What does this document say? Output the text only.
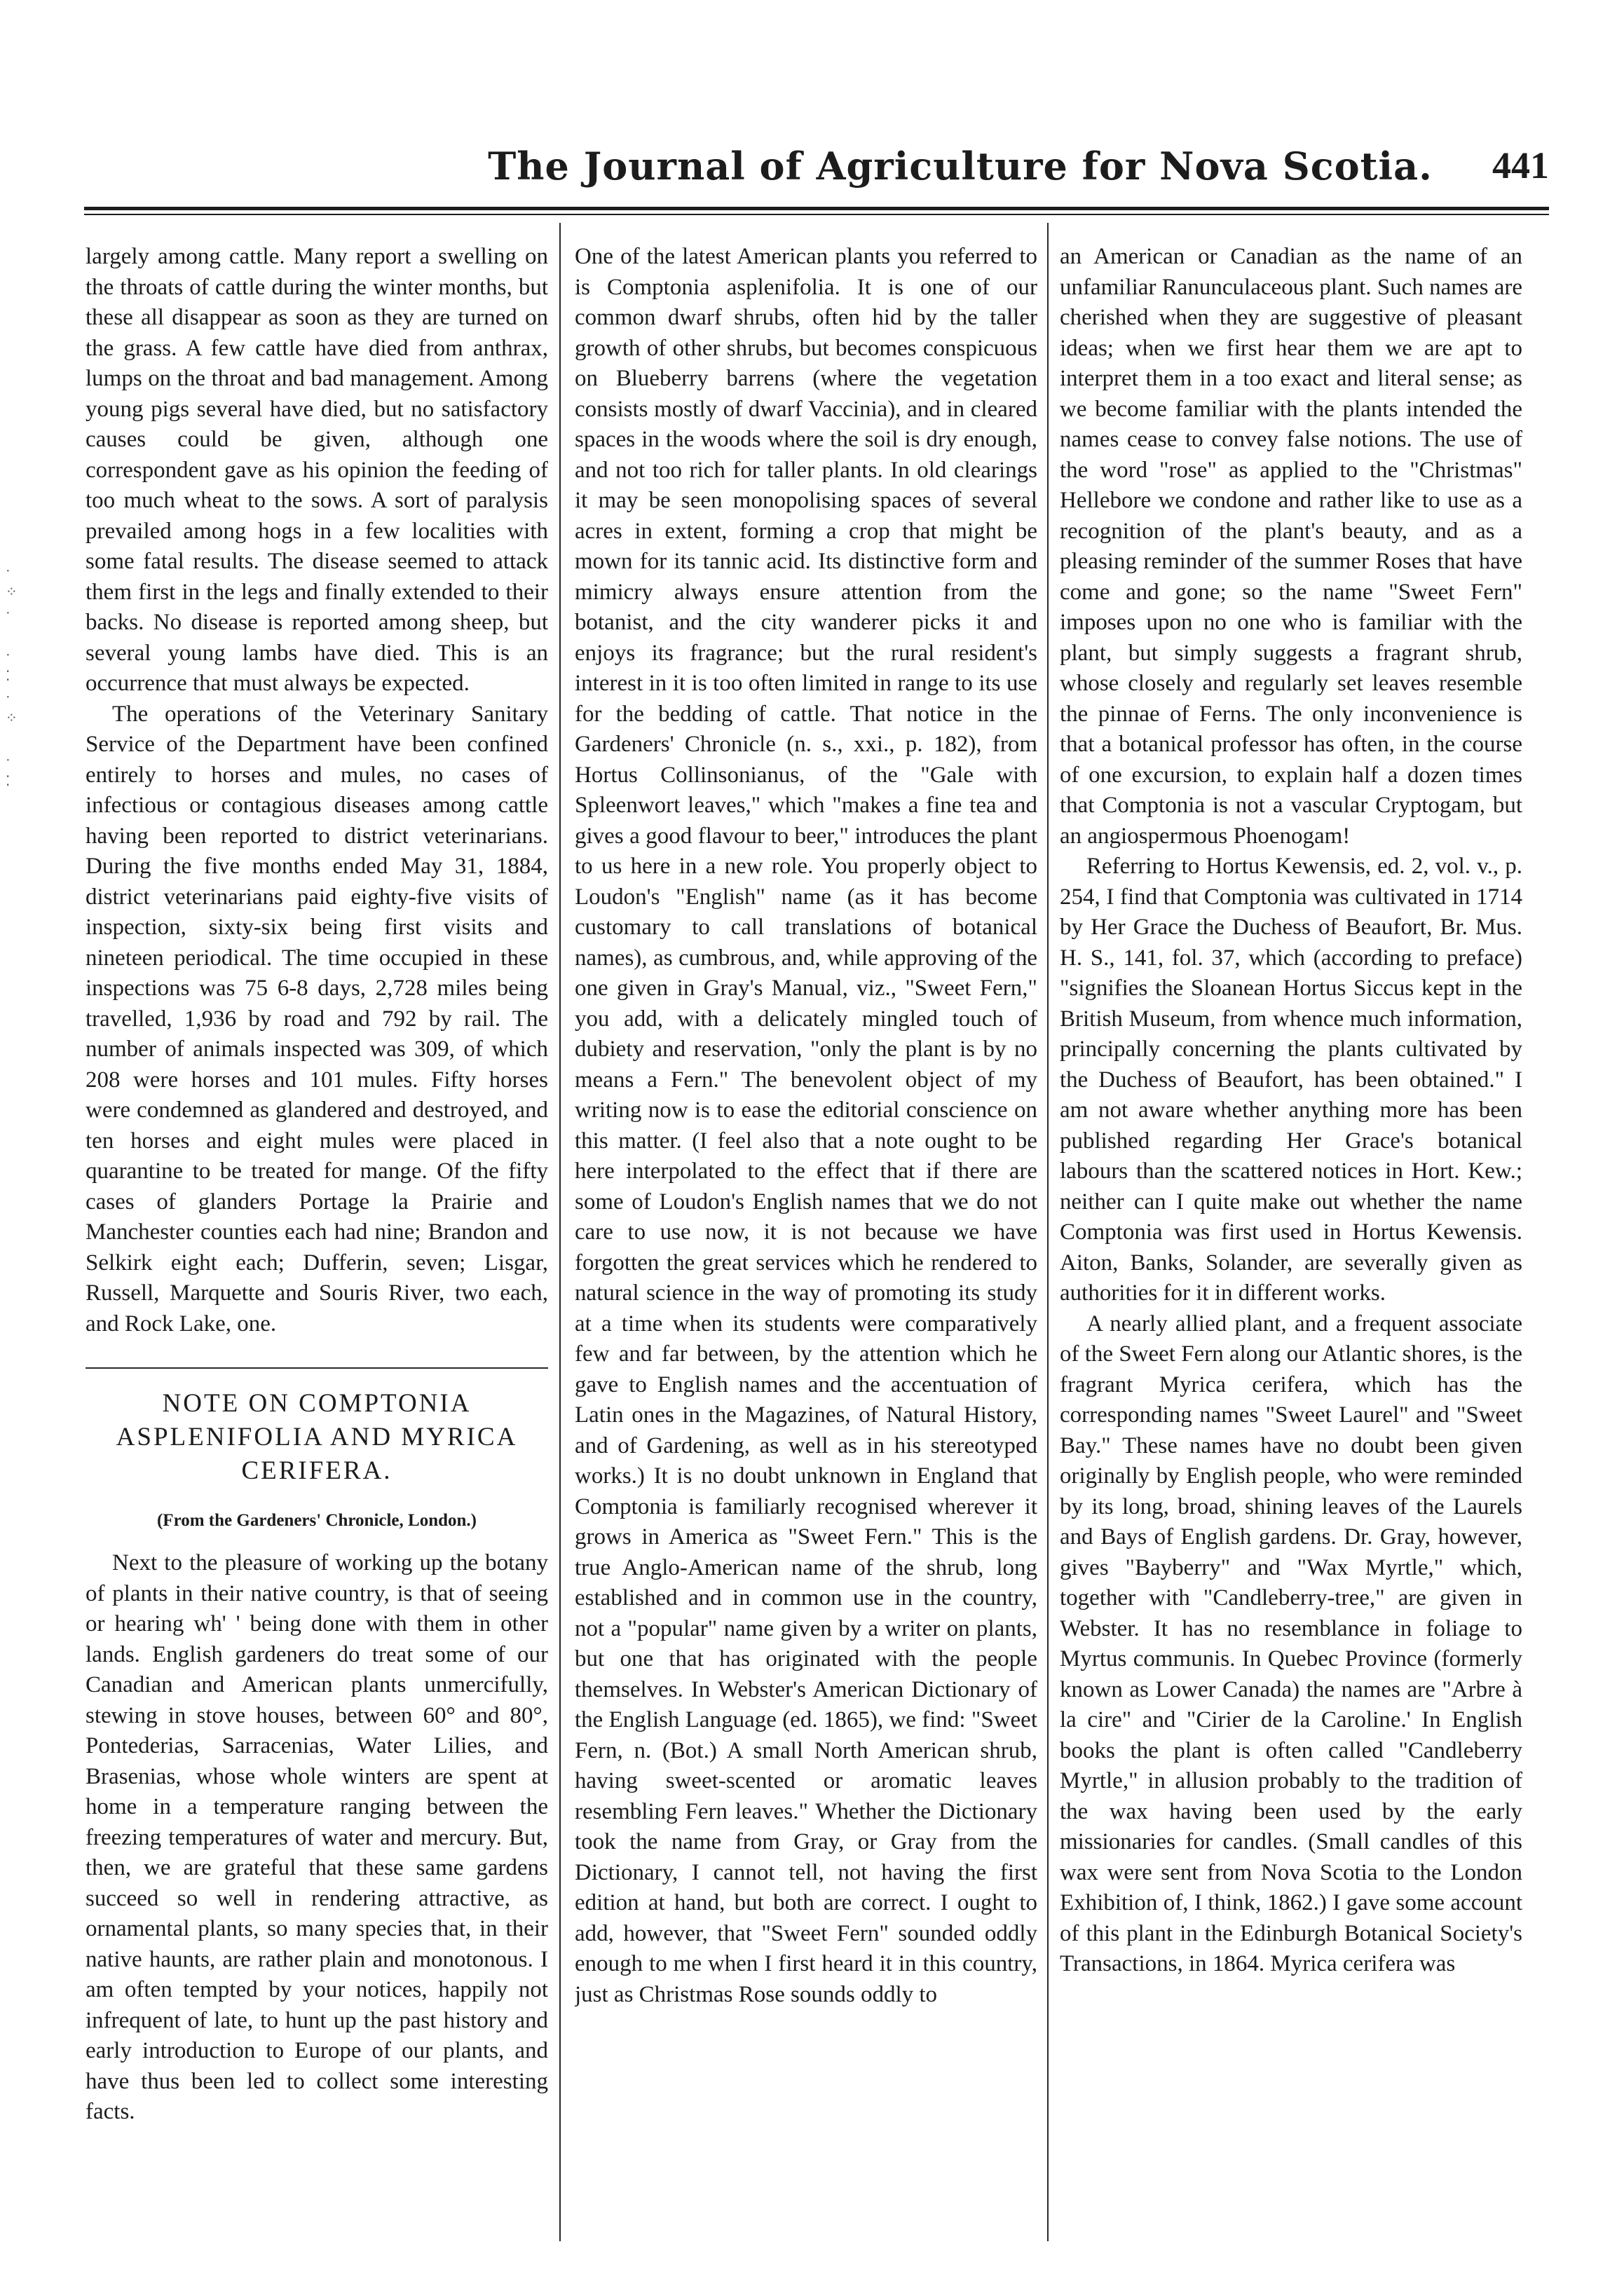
·
⁘
·

·
⁚
·
⁘

·
⁚
The Journal of Agriculture for Nova Scotia.	441

largely among cattle. Many report a swelling on the throats of cattle during the winter months, but these all disappear as soon as they are turned on the grass. A few cattle have died from anthrax, lumps on the throat and bad management. Among young pigs several have died, but no satisfactory causes could be given, although one correspondent gave as his opinion the feeding of too much wheat to the sows. A sort of paralysis prevailed among hogs in a few localities with some fatal results. The disease seemed to attack them first in the legs and finally extended to their backs. No disease is reported among sheep, but several young lambs have died. This is an occurrence that must always be expected.

The operations of the Veterinary Sanitary Service of the Department have been confined entirely to horses and mules, no cases of infectious or contagious diseases among cattle having been reported to district veterinarians. During the five months ended May 31, 1884, district veterinarians paid eighty-five visits of inspection, sixty-six being first visits and nineteen periodical. The time occupied in these inspections was 75 6-8 days, 2,728 miles being travelled, 1,936 by road and 792 by rail. The number of animals inspected was 309, of which 208 were horses and 101 mules. Fifty horses were condemned as glandered and destroyed, and ten horses and eight mules were placed in quarantine to be treated for mange. Of the fifty cases of glanders Portage la Prairie and Manchester counties each had nine; Brandon and Selkirk eight each; Dufferin, seven; Lisgar, Russell, Marquette and Souris River, two each, and Rock Lake, one.

NOTE ON COMPTONIA ASPLENIFOLIA AND MYRICA CERIFERA.
(From the Gardeners' Chronicle, London.)

Next to the pleasure of working up the botany of plants in their native country, is that of seeing or hearing wh' ' being done with them in other lands. English gardeners do treat some of our Canadian and American plants unmercifully, stewing in stove houses, between 60° and 80°, Pontederias, Sarracenias, Water Lilies, and Brasenias, whose whole winters are spent at home in a temperature ranging between the freezing temperatures of water and mercury. But, then, we are grateful that these same gardens succeed so well in rendering attractive, as ornamental plants, so many species that, in their native haunts, are rather plain and monotonous. I am often tempted by your notices, happily not infrequent of late, to hunt up the past history and early introduction to Europe of our plants, and have thus been led to collect some interesting facts.

One of the latest American plants you referred to is Comptonia asplenifolia. It is one of our common dwarf shrubs, often hid by the taller growth of other shrubs, but becomes conspicuous on Blueberry barrens (where the vegetation consists mostly of dwarf Vaccinia), and in cleared spaces in the woods where the soil is dry enough, and not too rich for taller plants. In old clearings it may be seen monopolising spaces of several acres in extent, forming a crop that might be mown for its tannic acid. Its distinctive form and mimicry always ensure attention from the botanist, and the city wanderer picks it and enjoys its fragrance; but the rural resident's interest in it is too often limited in range to its use for the bedding of cattle. That notice in the Gardeners' Chronicle (n. s., xxi., p. 182), from Hortus Collinsonianus, of the "Gale with Spleenwort leaves," which "makes a fine tea and gives a good flavour to beer," introduces the plant to us here in a new role. You properly object to Loudon's "English" name (as it has become customary to call translations of botanical names), as cumbrous, and, while approving of the one given in Gray's Manual, viz., "Sweet Fern," you add, with a delicately mingled touch of dubiety and reservation, "only the plant is by no means a Fern." The benevolent object of my writing now is to ease the editorial conscience on this matter. (I feel also that a note ought to be here interpolated to the effect that if there are some of Loudon's English names that we do not care to use now, it is not because we have forgotten the great services which he rendered to natural science in the way of promoting its study at a time when its students were comparatively few and far between, by the attention which he gave to English names and the accentuation of Latin ones in the Magazines, of Natural History, and of Gardening, as well as in his stereotyped works.) It is no doubt unknown in England that Comptonia is familiarly recognised wherever it grows in America as "Sweet Fern." This is the true Anglo-American name of the shrub, long established and in common use in the country, not a "popular" name given by a writer on plants, but one that has originated with the people themselves. In Webster's American Dictionary of the English Language (ed. 1865), we find: "Sweet Fern, n. (Bot.) A small North American shrub, having sweet-scented or aromatic leaves resembling Fern leaves." Whether the Dictionary took the name from Gray, or Gray from the Dictionary, I cannot tell, not having the first edition at hand, but both are correct. I ought to add, however, that "Sweet Fern" sounded oddly enough to me when I first heard it in this country, just as Christmas Rose sounds oddly to

an American or Canadian as the name of an unfamiliar Ranunculaceous plant. Such names are cherished when they are suggestive of pleasant ideas; when we first hear them we are apt to interpret them in a too exact and literal sense; as we become familiar with the plants intended the names cease to convey false notions. The use of the word "rose" as applied to the "Christmas" Hellebore we condone and rather like to use as a recognition of the plant's beauty, and as a pleasing reminder of the summer Roses that have come and gone; so the name "Sweet Fern" imposes upon no one who is familiar with the plant, but simply suggests a fragrant shrub, whose closely and regularly set leaves resemble the pinnae of Ferns. The only inconvenience is that a botanical professor has often, in the course of one excursion, to explain half a dozen times that Comptonia is not a vascular Cryptogam, but an angiospermous Phoenogam!

Referring to Hortus Kewensis, ed. 2, vol. v., p. 254, I find that Comptonia was cultivated in 1714 by Her Grace the Duchess of Beaufort, Br. Mus. H. S., 141, fol. 37, which (according to preface) "signifies the Sloanean Hortus Siccus kept in the British Museum, from whence much information, principally concerning the plants cultivated by the Duchess of Beaufort, has been obtained." I am not aware whether anything more has been published regarding Her Grace's botanical labours than the scattered notices in Hort. Kew.; neither can I quite make out whether the name Comptonia was first used in Hortus Kewensis. Aiton, Banks, Solander, are severally given as authorities for it in different works.

A nearly allied plant, and a frequent associate of the Sweet Fern along our Atlantic shores, is the fragrant Myrica cerifera, which has the corresponding names "Sweet Laurel" and "Sweet Bay." These names have no doubt been given originally by English people, who were reminded by its long, broad, shining leaves of the Laurels and Bays of English gardens. Dr. Gray, however, gives "Bayberry" and "Wax Myrtle," which, together with "Candleberry-tree," are given in Webster. It has no resemblance in foliage to Myrtus communis. In Quebec Province (formerly known as Lower Canada) the names are "Arbre à la cire" and "Cirier de la Caroline.' In English books the plant is often called "Candleberry Myrtle," in allusion probably to the tradition of the wax having been used by the early missionaries for candles. (Small candles of this wax were sent from Nova Scotia to the London Exhibition of, I think, 1862.) I gave some account of this plant in the Edinburgh Botanical Society's Transactions, in 1864. Myrica cerifera was
